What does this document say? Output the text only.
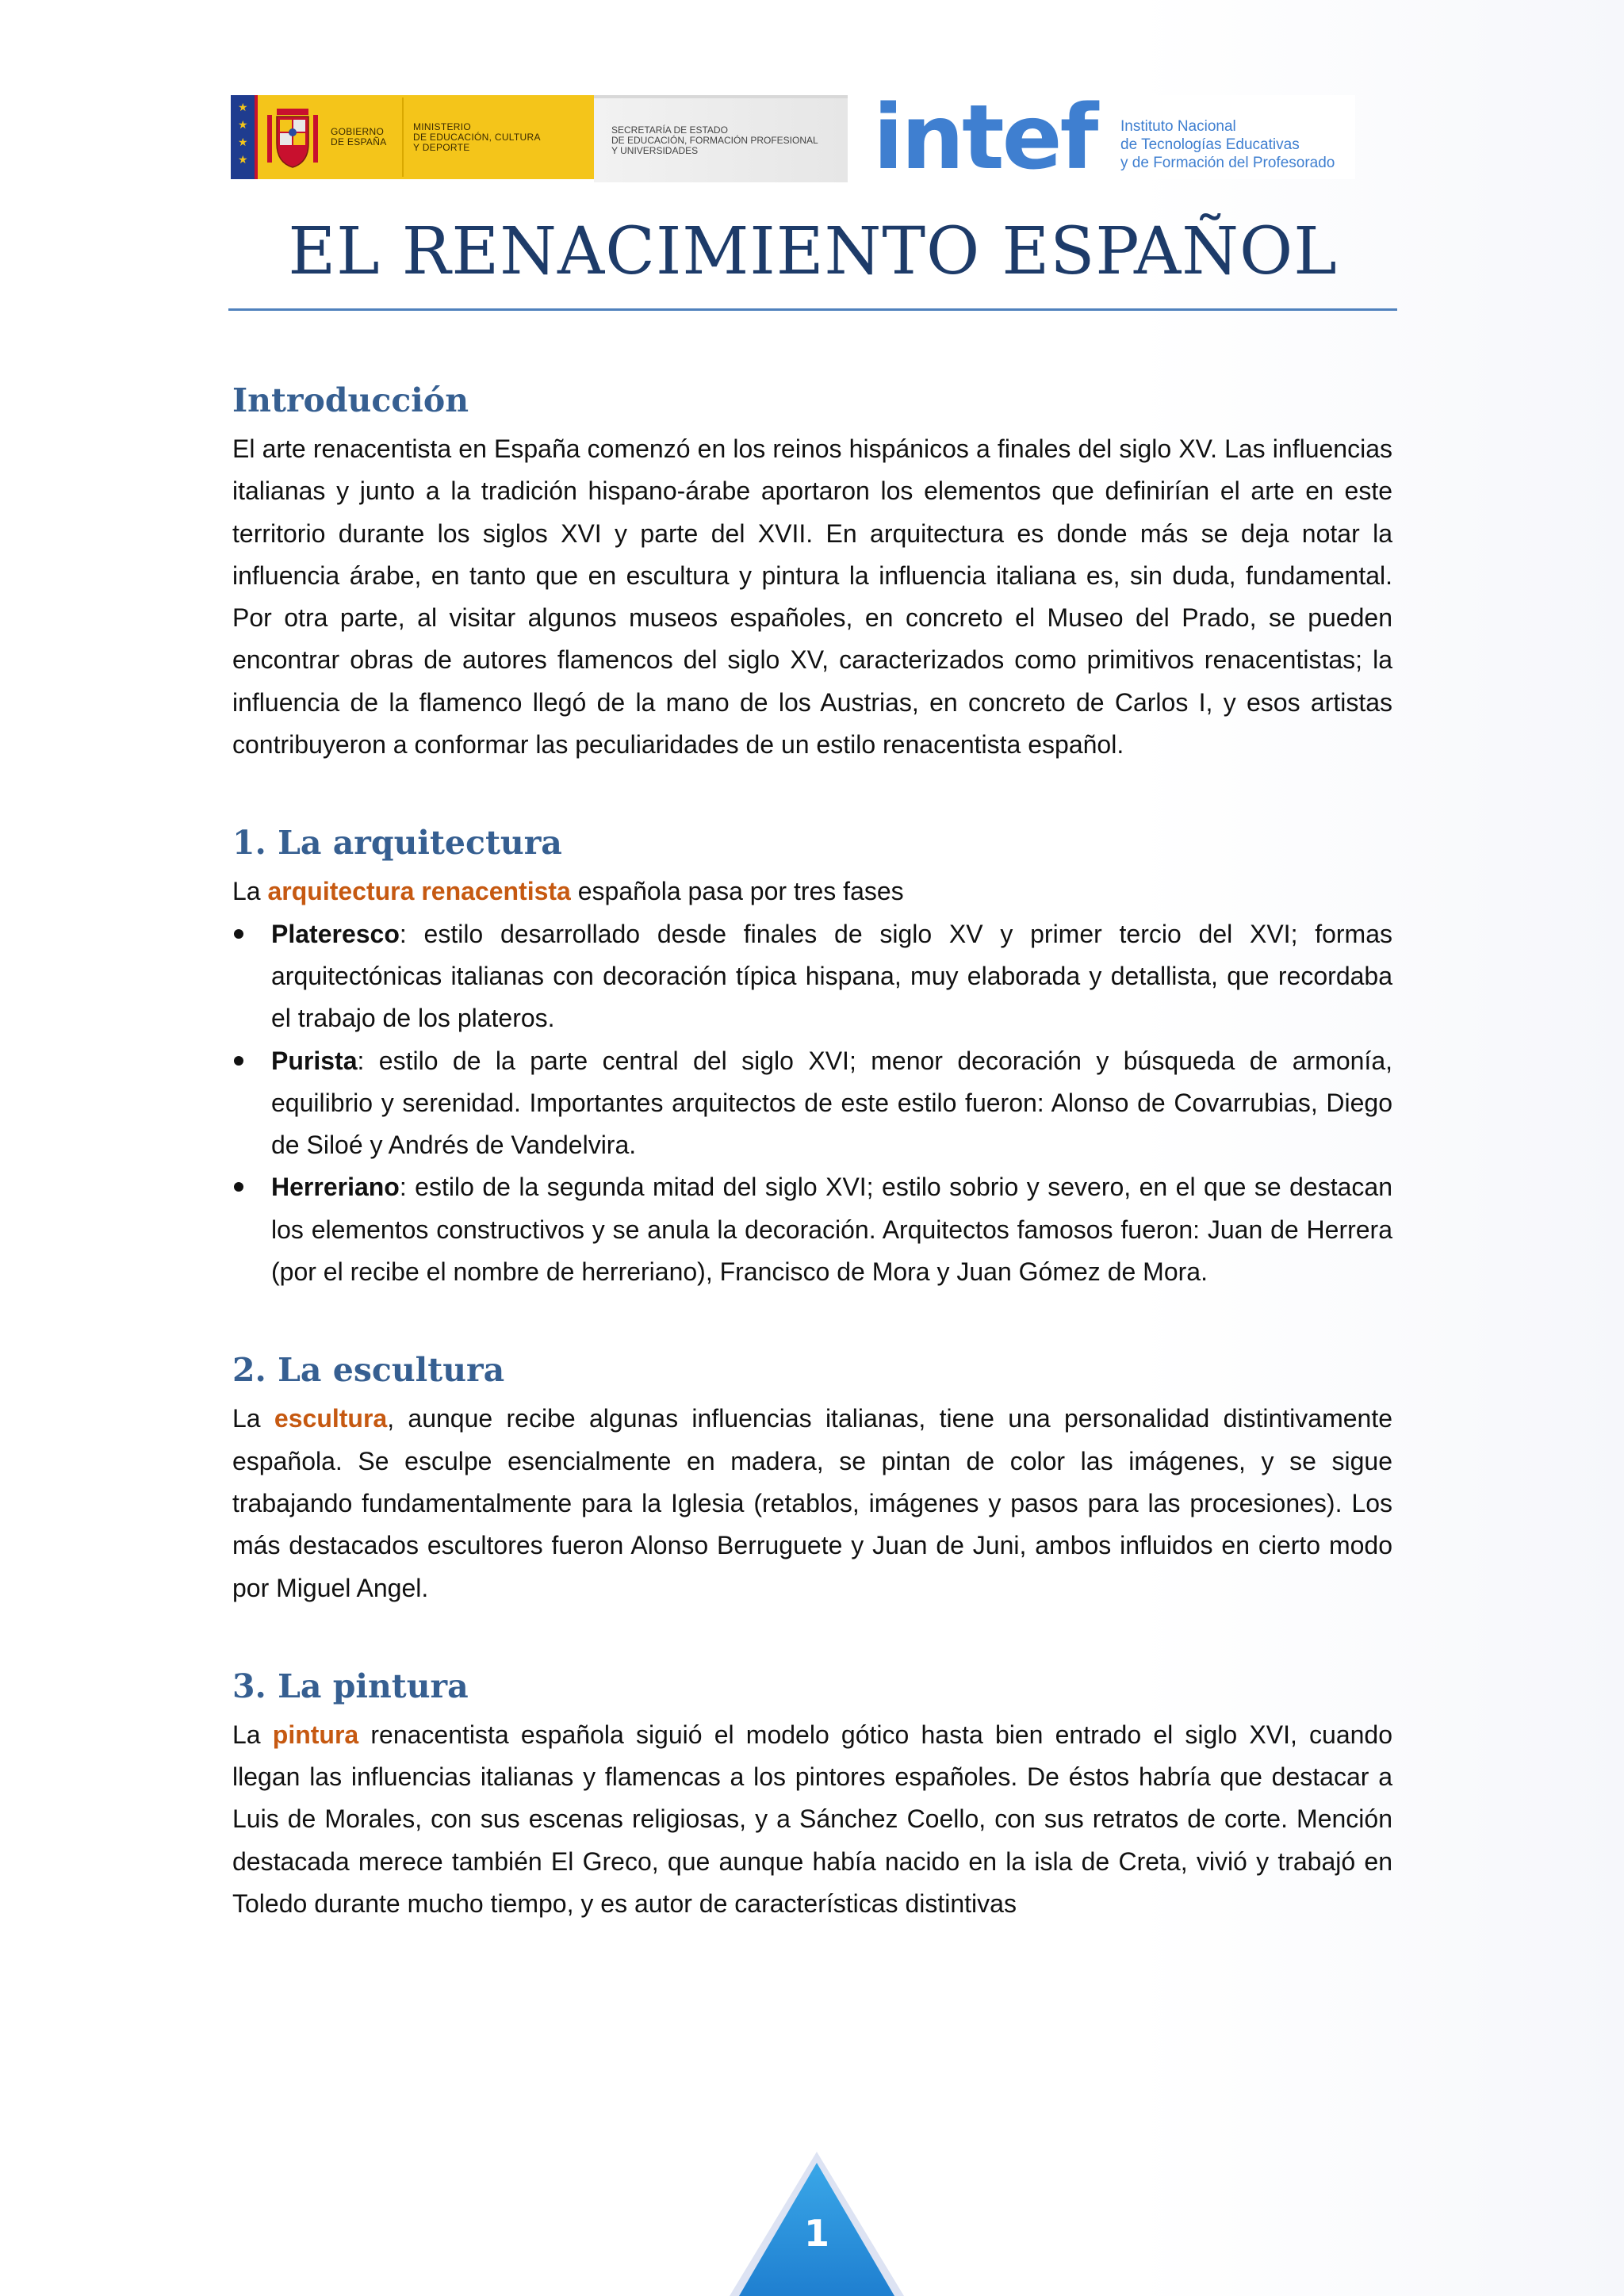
★
★
★
★
GOBIERNO
DE ESPAÑA
MINISTERIO
DE EDUCACIÓN, CULTURA
Y DEPORTE
SECRETARÍA DE ESTADO
DE EDUCACIÓN, FORMACIÓN PROFESIONAL
Y UNIVERSIDADES	intef Instituto Nacional
de Tecnologías Educativas
y de Formación del Profesorado
EL RENACIMIENTO ESPAÑOL
Introducción

El arte renacentista en España comenzó en los reinos hispánicos a finales del siglo XV. Las influencias italianas y junto a la tradición hispano-árabe aportaron los elementos que definirían el arte en este territorio durante los siglos XVI y parte del XVII. En arquitectura es donde más se deja notar la influencia árabe, en tanto que en escultura y pintura la influencia italiana es, sin duda, fundamental. Por otra parte, al visitar algunos museos españoles, en concreto el Museo del Prado, se pueden encontrar obras de autores flamencos del siglo XV, caracterizados como primitivos renacentistas; la influencia de la flamenco llegó de la mano de los Austrias, en concreto de Carlos I, y esos artistas contribuyeron a conformar las peculiaridades de un estilo renacentista español.

1. La arquitectura

La arquitectura renacentista española pasa por tres fases

Plateresco: estilo desarrollado desde finales de siglo XV y primer tercio del XVI; formas arquitectónicas italianas con decoración típica hispana, muy elaborada y detallista, que recordaba el trabajo de los plateros.
Purista: estilo de la parte central del siglo XVI; menor decoración y búsqueda de armonía, equilibrio y serenidad. Importantes arquitectos de este estilo fueron: Alonso de Covarrubias, Diego de Siloé y Andrés de Vandelvira.
Herreriano: estilo de la segunda mitad del siglo XVI; estilo sobrio y severo, en el que se destacan los elementos constructivos y se anula la decoración. Arquitectos famosos fueron: Juan de Herrera (por el recibe el nombre de herreriano), Francisco de Mora y Juan Gómez de Mora.
2. La escultura

La escultura, aunque recibe algunas influencias italianas, tiene una personalidad distintivamente española. Se esculpe esencialmente en madera, se pintan de color las imágenes, y se sigue trabajando fundamentalmente para la Iglesia (retablos, imágenes y pasos para las procesiones). Los más destacados escultores fueron Alonso Berruguete y Juan de Juni, ambos influidos en cierto modo por Miguel Angel.

3. La pintura

La pintura renacentista española siguió el modelo gótico hasta bien entrado el siglo XVI, cuando llegan las influencias italianas y flamencas a los pintores españoles. De éstos habría que destacar a Luis de Morales, con sus escenas religiosas, y a Sánchez Coello, con sus retratos de corte. Mención destacada merece también El Greco, que aunque había nacido en la isla de Creta, vivió y trabajó en Toledo durante mucho tiempo, y es autor de características distintivas

1
